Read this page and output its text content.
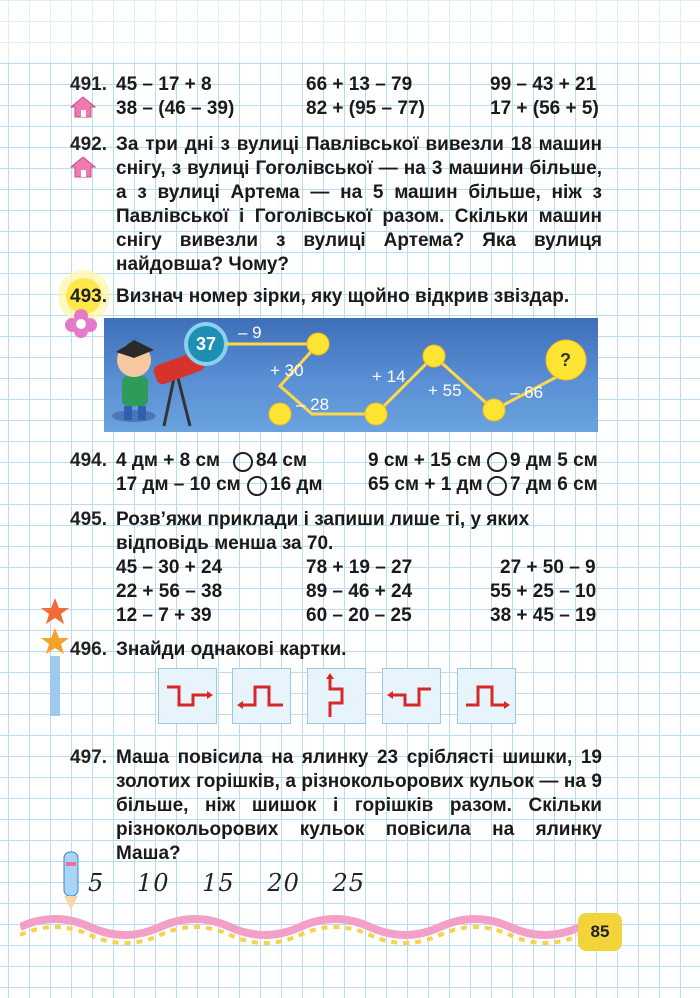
491. 45 – 17 + 8	66 + 13 – 79	99 – 43 + 21
38 – (46 – 39)	82 + (95 – 77)	17 + (56 + 5)
492. За три дні з вулиці Павлівської вивезли 18 машин снігу, з вулиці Гоголівської — на 3 машини більше, а з вулиці Артема — на 5 машин більше, ніж з Павлівської і Гоголівської разом. Скільки машин снігу вивезли з вулиці Артема? Яка вулиця найдовша? Чому?
493. Визнач номер зірки, яку щойно відкрив звіздар.
37
?
– 9
+ 30
– 28
+ 14
+ 55	– 66
494. 4 дм + 8 см 84 см	9 см + 15 см 9 дм 5 см
17 дм – 10 см 16 дм 65 см + 1 дм 7 дм 6 см
495. Розв’яжи приклади і запиши лише ті, у яких відповідь менша за 70.
45 – 30 + 24	78 + 19 – 27	27 + 50 – 9
22 + 56 – 38	89 – 46 + 24	55 + 25 – 10
12 – 7 + 39	60 – 20 – 25	38 + 45 – 19
496. Знайди однакові картки.
497. Маша повісила на ялинку 23 сріблясті шишки, 19 золотих горішків, а різнокольорових кульок — на 9 більше, ніж шишок і горішків разом. Скільки різнокольорових кульок повісила на ялинку Маша?
5 10 15 20 25
85
